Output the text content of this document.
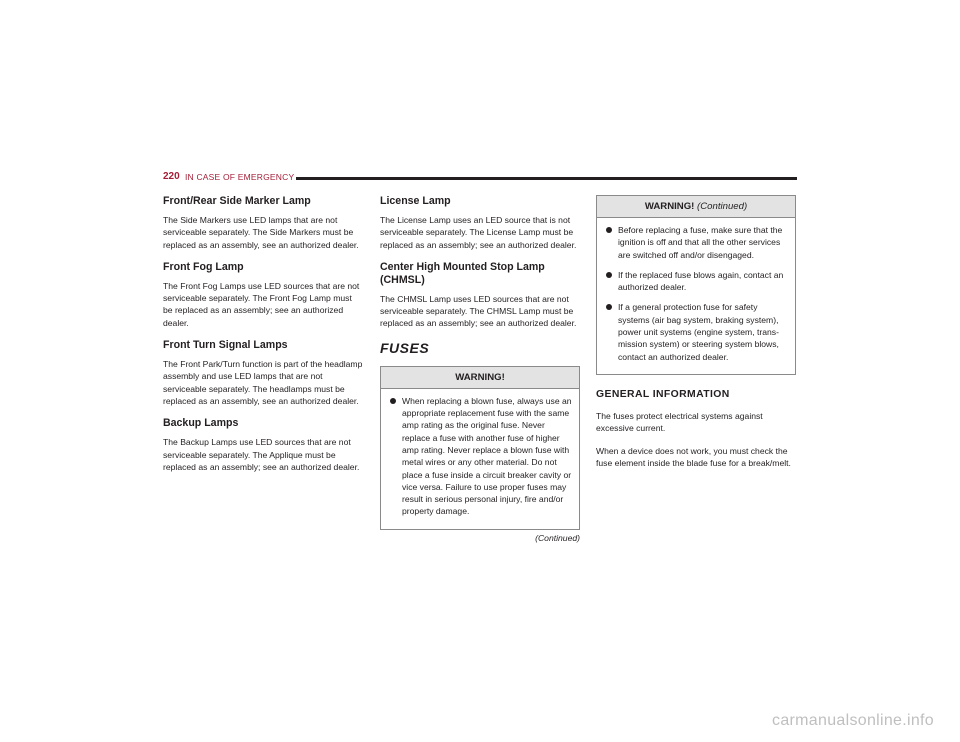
220 IN CASE OF EMERGENCY
Front/Rear Side Marker Lamp

The Side Markers use LED lamps that are not serviceable separately. The Side Markers must be replaced as an assembly, see an authorized dealer.

Front Fog Lamp

The Front Fog Lamps use LED sources that are not serviceable separately. The Front Fog Lamp must be replaced as an assembly; see an authorized dealer.

Front Turn Signal Lamps

The Front Park/Turn function is part of the headlamp assembly and use LED lamps that are not serviceable separately. The headlamps must be replaced as an assembly, see an authorized dealer.

Backup Lamps

The Backup Lamps use LED sources that are not serviceable separately. The Applique must be replaced as an assembly; see an authorized dealer.

License Lamp

The License Lamp uses an LED source that is not serviceable separately. The License Lamp must be replaced as an assembly; see an authorized dealer.

Center High Mounted Stop Lamp (CHMSL)

The CHMSL Lamp uses LED sources that are not serviceable separately. The CHMSL Lamp must be replaced as an assembly; see an authorized dealer.

FUSES
WARNING!
When replacing a blown fuse, always use an appropriate replacement fuse with the same amp rating as the original fuse. Never replace a fuse with another fuse of higher amp rating. Never replace a blown fuse with metal wires or any other material. Do not place a fuse inside a circuit breaker cavity or vice versa. Failure to use proper fuses may result in serious personal injury, fire and/or property damage.
(Continued)
WARNING! (Continued)
Before replacing a fuse, make sure that the ignition is off and that all the other services are switched off and/or disengaged.
If the replaced fuse blows again, contact an authorized dealer.
If a general protection fuse for safety systems (air bag system, braking system), power unit systems (engine system, trans-mission system) or steering system blows, contact an authorized dealer.
GENERAL INFORMATION

The fuses protect electrical systems against excessive current.

When a device does not work, you must check the fuse element inside the blade fuse for a break/melt.

carmanualsonline.info
